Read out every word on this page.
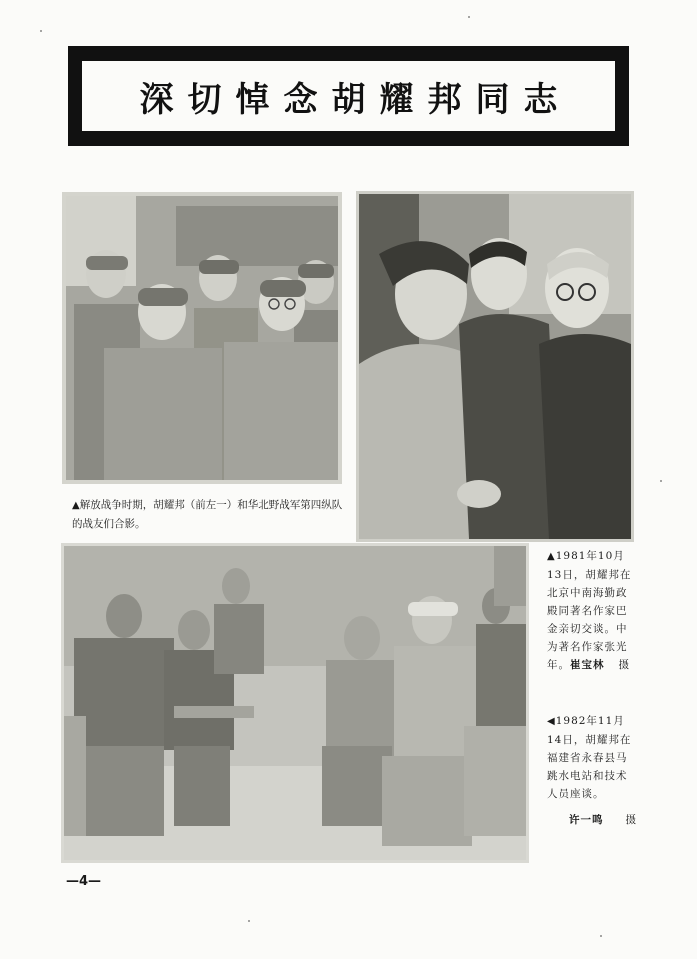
深切悼念胡耀邦同志
▲解放战争时期，胡耀邦（前左一）和华北野战军第四纵队的战友们合影。
▲1981年10月13日，胡耀邦在北京中南海勤政殿同著名作家巴金亲切交谈。中为著名作家张光年。崔宝林 摄
◀1982年11月14日，胡耀邦在福建省永春县马跳水电站和技术人员座谈。
许一鸣 摄
—4—
